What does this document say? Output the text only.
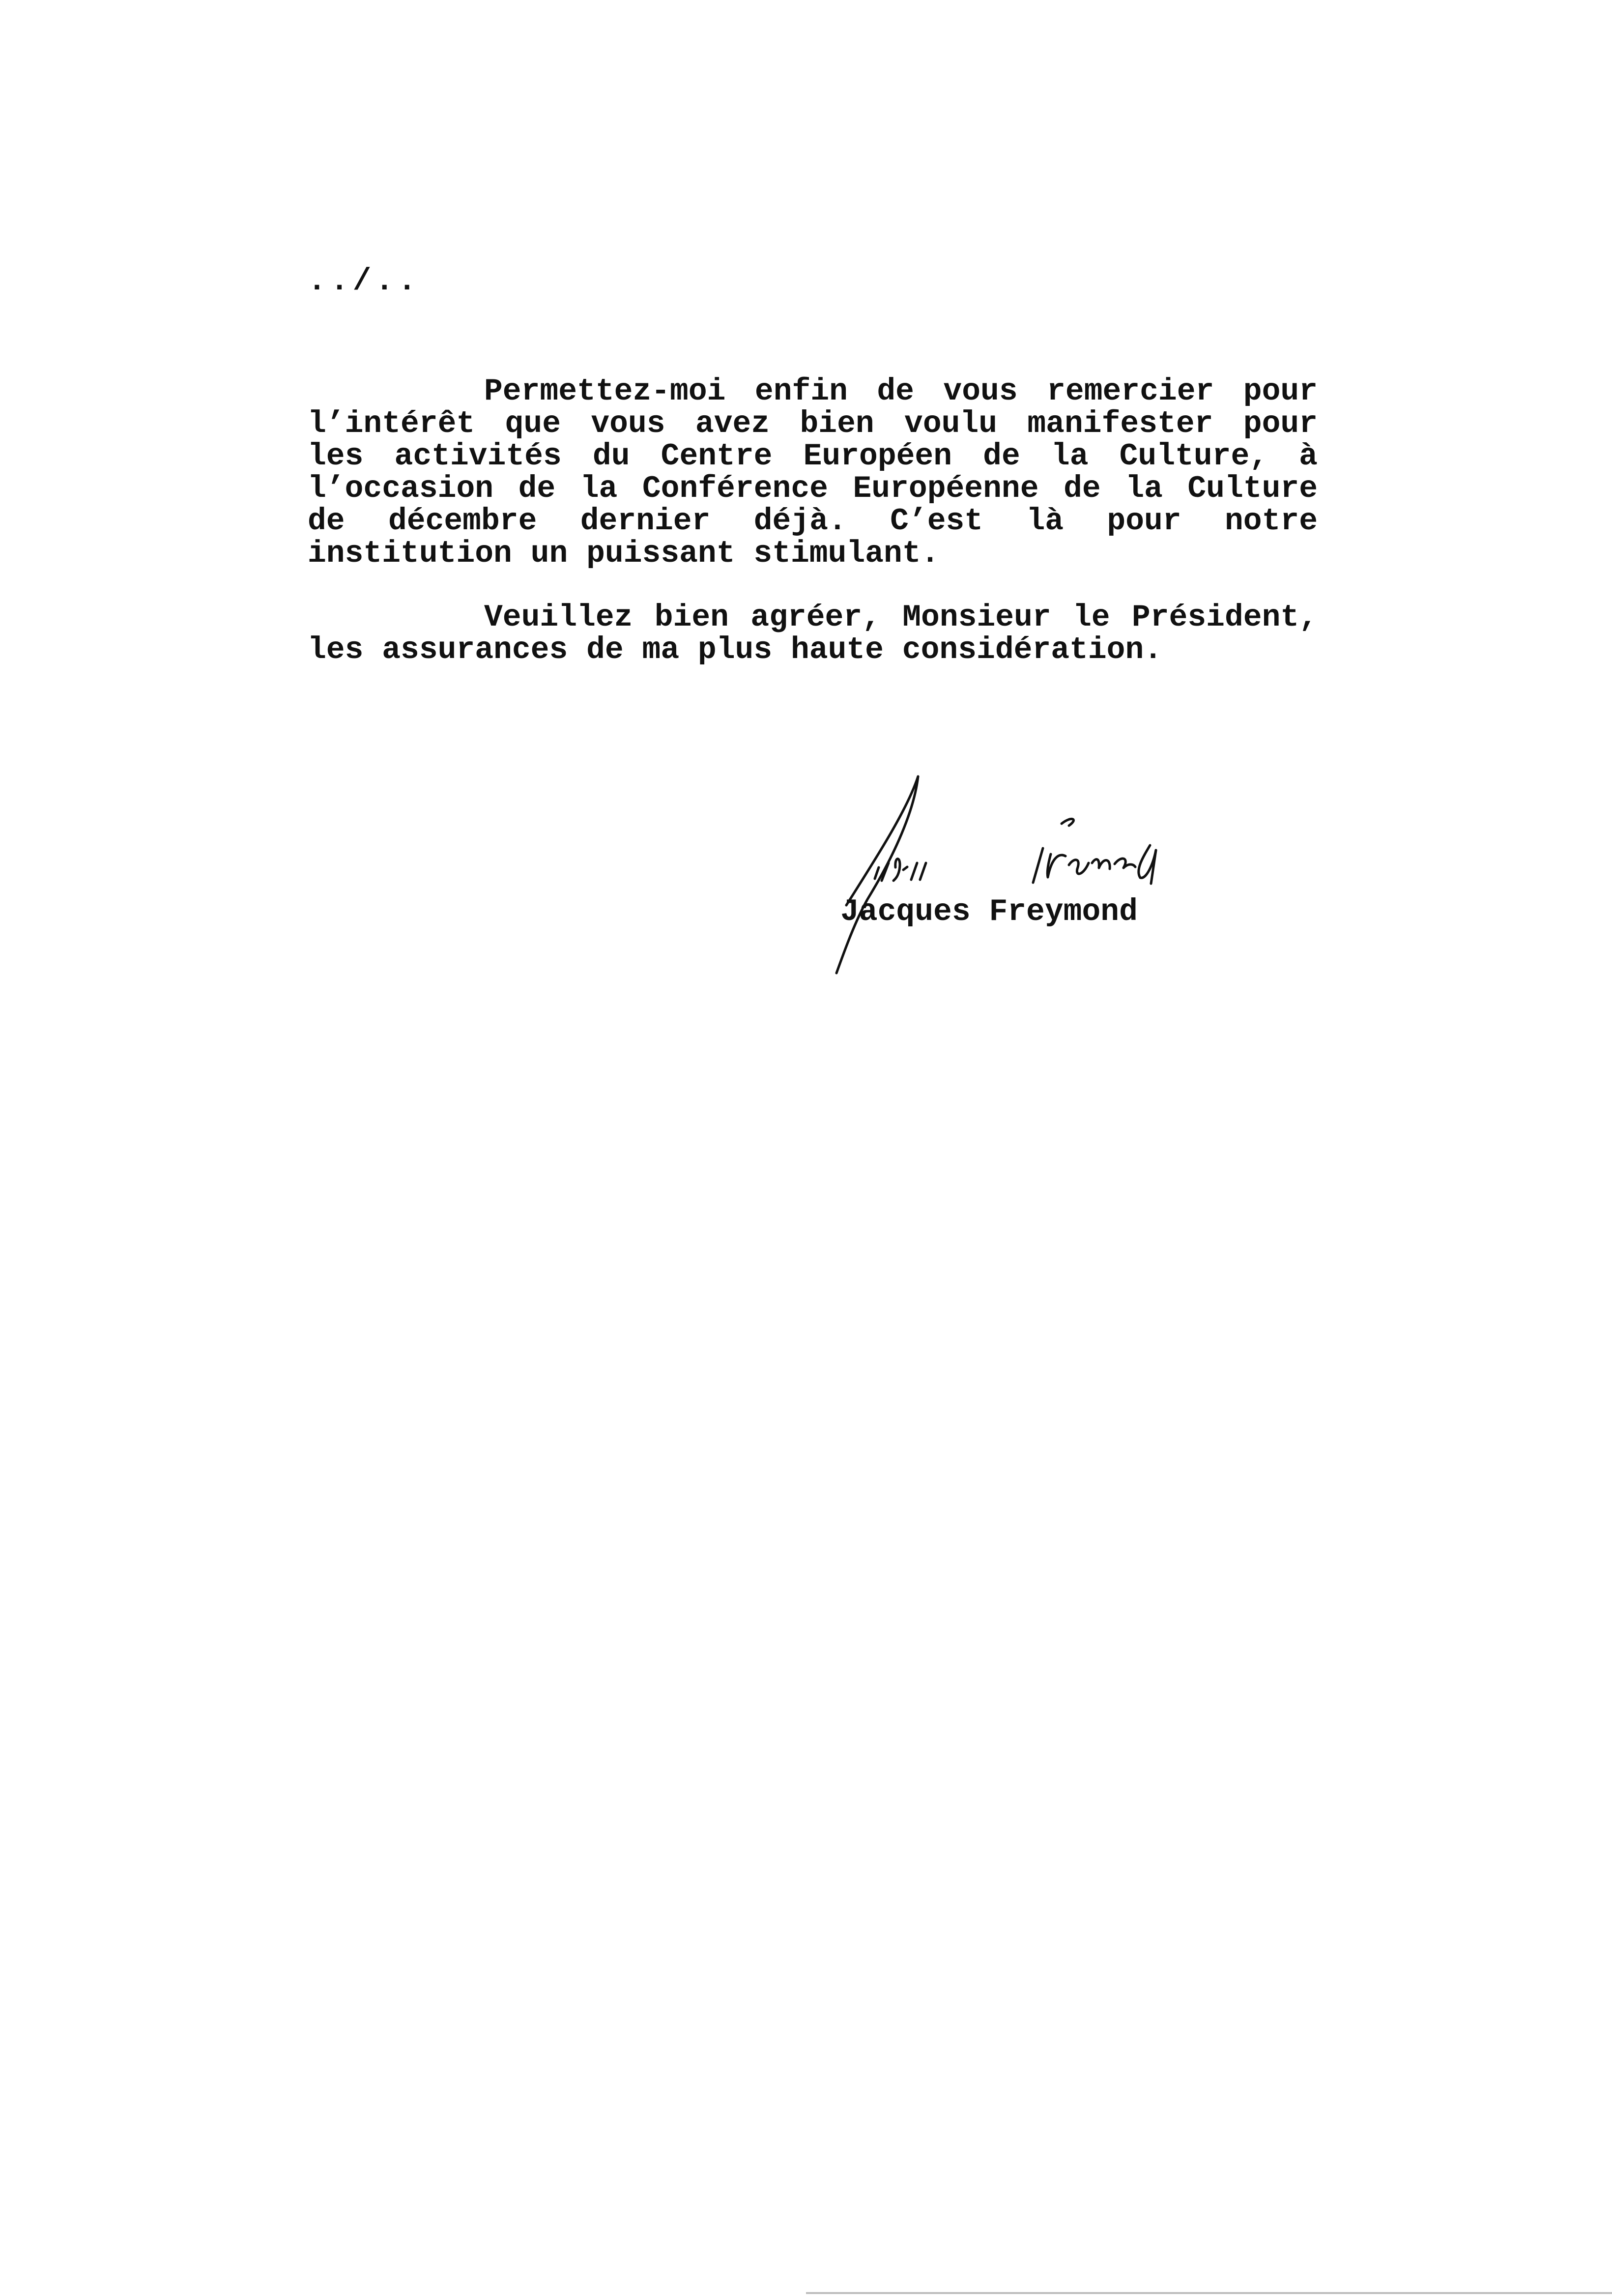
../..
Permettez-moi enfin de vous remercier pour
l’intérêt que vous avez bien voulu manifester pour
les activités du Centre Européen de la Culture, à
l’occasion de la Conférence Européenne de la Culture
de décembre dernier déjà. C’est là pour notre
institution un puissant stimulant.
Veuillez bien agréer, Monsieur le Président,
les assurances de ma plus haute considération.
Jacques Freymond
